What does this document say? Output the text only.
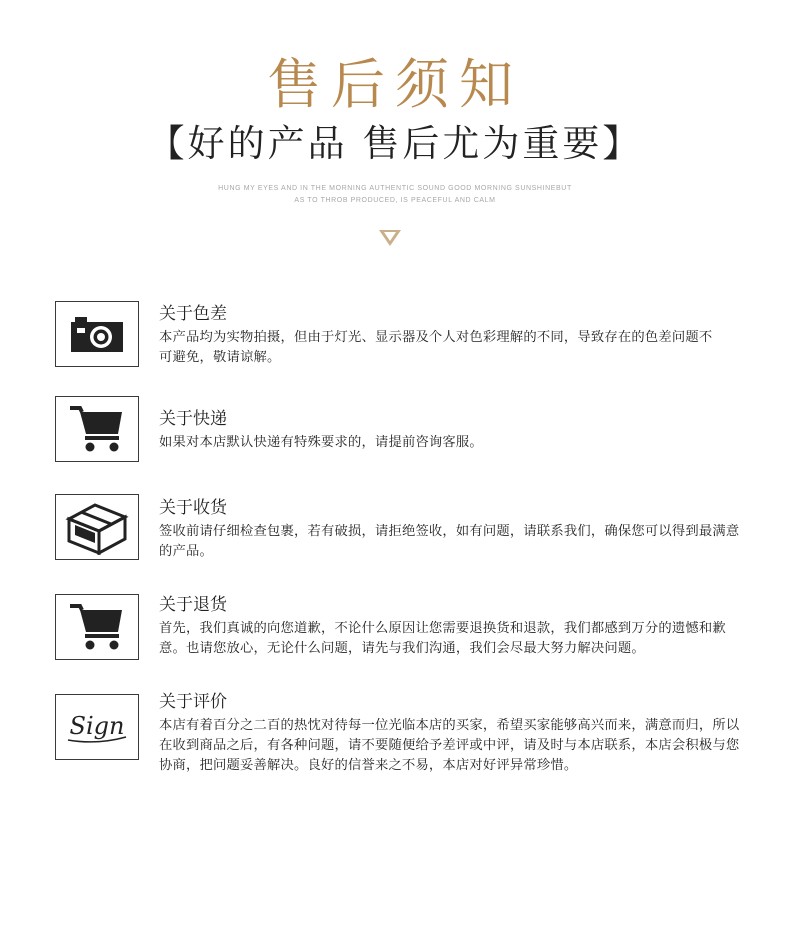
售后须知
【好的产品 售后尤为重要】
HUNG MY EYES AND IN THE MORNING AUTHENTIC SOUND GOOD MORNING SUNSHINEBUT
AS TO THROB PRODUCED, IS PEACEFUL AND CALM
关于色差
本产品均为实物拍摄，但由于灯光、显示器及个人对色彩理解的不同，导致存在的色差问题不可避免，敬请谅解。
关于快递
如果对本店默认快递有特殊要求的，请提前咨询客服。
关于收货
签收前请仔细检查包裹，若有破损，请拒绝签收，如有问题，请联系我们，确保您可以得到最满意的产品。
关于退货
首先，我们真诚的向您道歉，不论什么原因让您需要退换货和退款，我们都感到万分的遗憾和歉意。也请您放心，无论什么问题，请先与我们沟通，我们会尽最大努力解决问题。
Sign
关于评价
本店有着百分之二百的热忱对待每一位光临本店的买家，希望买家能够高兴而来，满意而归，所以在收到商品之后，有各种问题，请不要随便给予差评或中评，请及时与本店联系，本店会积极与您协商，把问题妥善解决。良好的信誉来之不易，本店对好评异常珍惜。
